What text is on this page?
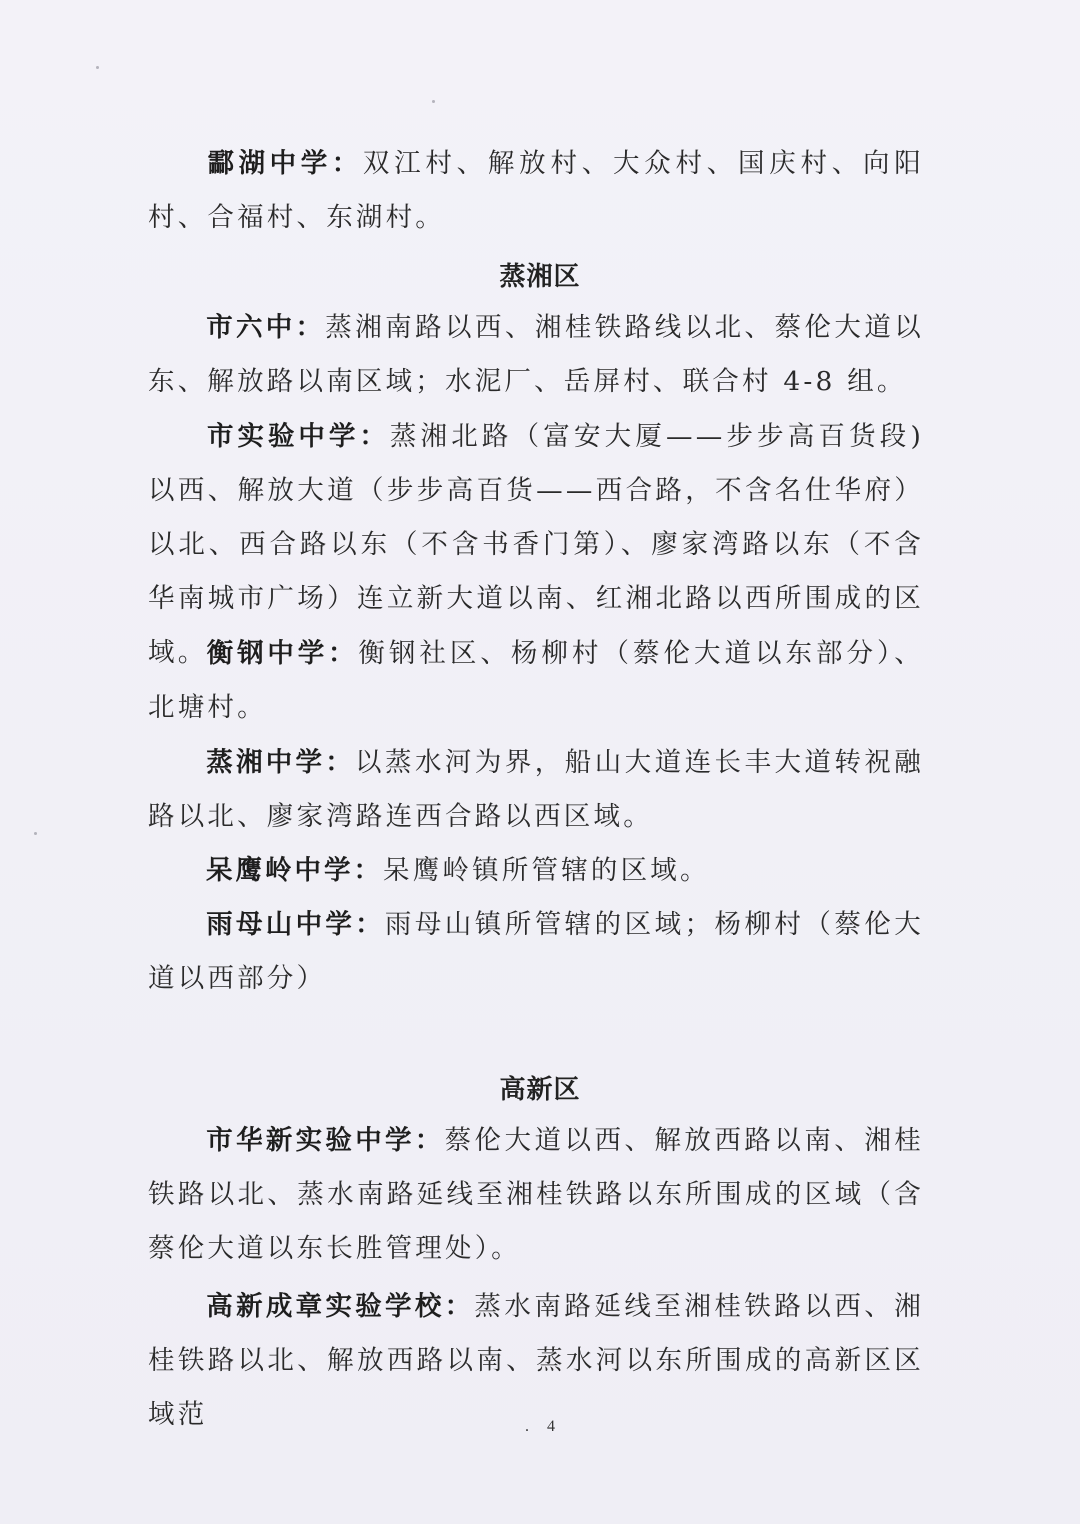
酃湖中学：双江村、解放村、大众村、国庆村、向阳村、合福村、东湖村。

蒸湘区

市六中：蒸湘南路以西、湘桂铁路线以北、蔡伦大道以东、解放路以南区域；水泥厂、岳屏村、联合村 4-8 组。

市实验中学：蒸湘北路（富安大厦——步步高百货段)以西、解放大道（步步高百货——西合路，不含名仕华府）以北、西合路以东（不含书香门第）、廖家湾路以东（不含华南城市广场）连立新大道以南、红湘北路以西所围成的区域。

衡钢中学：衡钢社区、杨柳村（蔡伦大道以东部分）、北塘村。

蒸湘中学：以蒸水河为界，船山大道连长丰大道转祝融路以北、廖家湾路连西合路以西区域。

呆鹰岭中学：呆鹰岭镇所管辖的区域。

雨母山中学：雨母山镇所管辖的区域；杨柳村（蔡伦大道以西部分）

高新区

市华新实验中学：蔡伦大道以西、解放西路以南、湘桂铁路以北、蒸水南路延线至湘桂铁路以东所围成的区域（含蔡伦大道以东长胜管理处）。

高新成章实验学校：蒸水南路延线至湘桂铁路以西、湘桂铁路以北、解放西路以南、蒸水河以东所围成的高新区区域范	. 4
